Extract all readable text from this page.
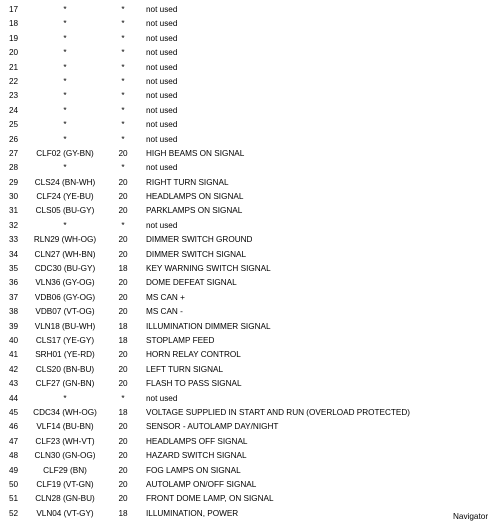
17	*	*	not used
18	*	*	not used
19	*	*	not used
20	*	*	not used
21	*	*	not used
22	*	*	not used
23	*	*	not used
24	*	*	not used
25	*	*	not used
26	*	*	not used
27	CLF02 (GY-BN)	20	HIGH BEAMS ON SIGNAL
28	*	*	not used
29	CLS24 (BN-WH)	20	RIGHT TURN SIGNAL
30	CLF24 (YE-BU)	20	HEADLAMPS ON SIGNAL
31	CLS05 (BU-GY)	20	PARKLAMPS ON SIGNAL
32	*	*	not used
33	RLN29 (WH-OG)	20	DIMMER SWITCH GROUND
34	CLN27 (WH-BN)	20	DIMMER SWITCH SIGNAL
35	CDC30 (BU-GY)	18	KEY WARNING SWITCH SIGNAL
36	VLN36 (GY-OG)	20	DOME DEFEAT SIGNAL
37	VDB06 (GY-OG)	20	MS CAN +
38	VDB07 (VT-OG)	20	MS CAN -
39	VLN18 (BU-WH)	18	ILLUMINATION DIMMER SIGNAL
40	CLS17 (YE-GY)	18	STOPLAMP FEED
41	SRH01 (YE-RD)	20	HORN RELAY CONTROL
42	CLS20 (BN-BU)	20	LEFT TURN SIGNAL
43	CLF27 (GN-BN)	20	FLASH TO PASS SIGNAL
44	*	*	not used
45	CDC34 (WH-OG)	18	VOLTAGE SUPPLIED IN START AND RUN (OVERLOAD PROTECTED)
46	VLF14 (BU-BN)	20	SENSOR - AUTOLAMP DAY/NIGHT
47	CLF23 (WH-VT)	20	HEADLAMPS OFF SIGNAL
48	CLN30 (GN-OG)	20	HAZARD SWITCH SIGNAL
49	CLF29 (BN)	20	FOG LAMPS ON SIGNAL
50	CLF19 (VT-GN)	20	AUTOLAMP ON/OFF SIGNAL
51	CLN28 (GN-BU)	20	FRONT DOME LAMP, ON SIGNAL
52	VLN04 (VT-GY)	18	ILLUMINATION, POWER	Navigator
